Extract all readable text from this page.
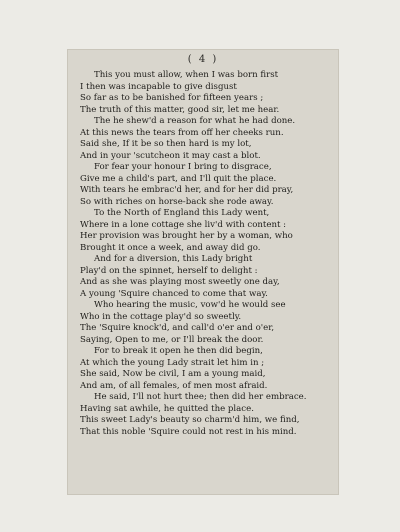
( 4 )
This you must allow, when I was born first
I then was incapable to give disgust
So far as to be banished for fifteen years ;
The truth of this matter, good sir, let me hear.
The he shew'd a reason for what he had done.
At this news the tears from off her cheeks run.
Said she, If it be so then hard is my lot,
And in your 'scutcheon it may cast a blot.
For fear your honour I bring to disgrace,
Give me a child's part, and I'll quit the place.
With tears he embrac'd her, and for her did pray,
So with riches on horse-back she rode away.
To the North of England this Lady went,
Where in a lone cottage she liv'd with content :
Her provision was brought her by a woman, who
Brought it once a week, and away did go.
And for a diversion, this Lady bright
Play'd on the spinnet, herself to delight :
And as she was playing most sweetly one day,
A young 'Squire chanced to come that way.
Who hearing the music, vow'd he would see
Who in the cottage play'd so sweetly.
The 'Squire knock'd, and call'd o'er and o'er,
Saying, Open to me, or I'll break the door.
For to break it open he then did begin,
At which the young Lady strait let him in ;
She said, Now be civil, I am a young maid,
And am, of all females, of men most afraid.
He said, I'll not hurt thee; then did her embrace.
Having sat awhile, he quitted the place.
This sweet Lady's beauty so charm'd him, we find,
That this noble 'Squire could not rest in his mind.
